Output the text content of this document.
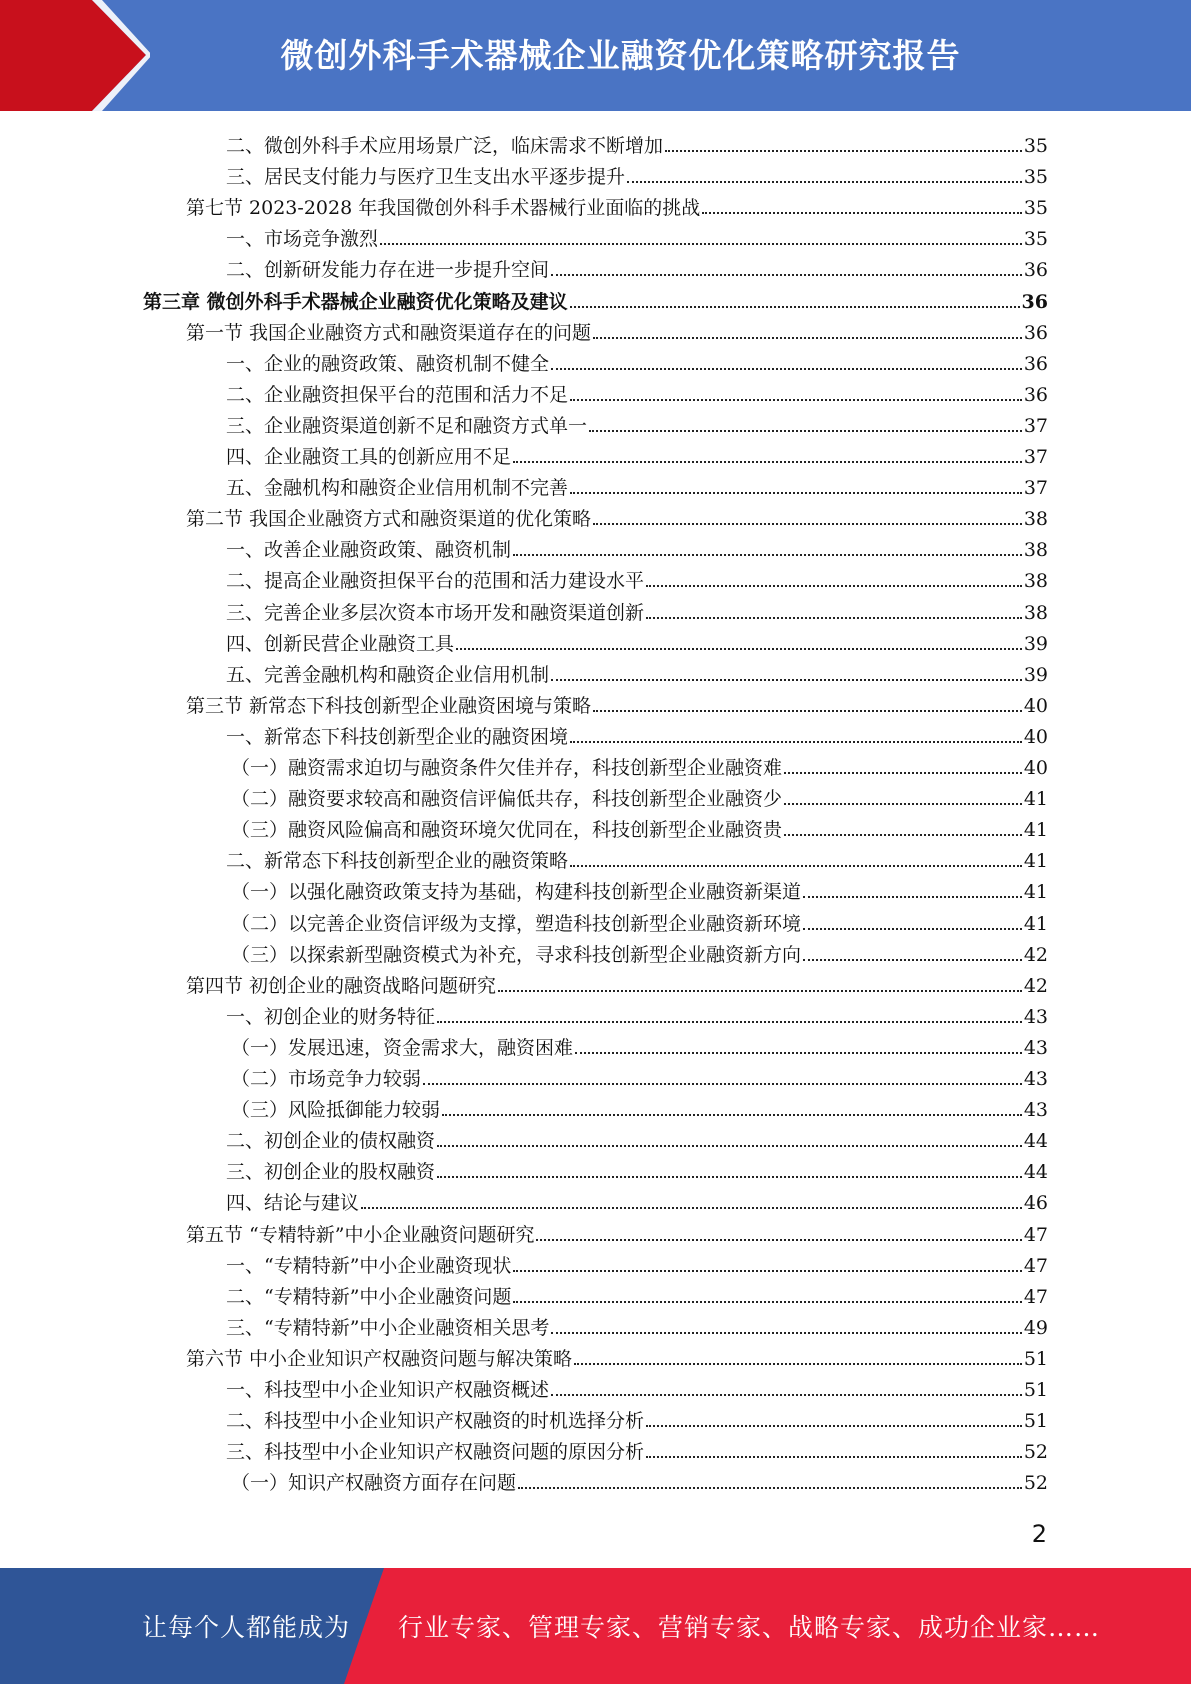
微创外科手术器械企业融资优化策略研究报告
二、微创外科手术应用场景广泛，临床需求不断增加	35
三、居民支付能力与医疗卫生支出水平逐步提升	35
第七节 2023-2028 年我国微创外科手术器械行业面临的挑战	35
一、市场竞争激烈	35
二、创新研发能力存在进一步提升空间	36
第三章 微创外科手术器械企业融资优化策略及建议	36
第一节 我国企业融资方式和融资渠道存在的问题	36
一、企业的融资政策、融资机制不健全	36
二、企业融资担保平台的范围和活力不足	36
三、企业融资渠道创新不足和融资方式单一	37
四、企业融资工具的创新应用不足	37
五、金融机构和融资企业信用机制不完善	37
第二节 我国企业融资方式和融资渠道的优化策略	38
一、改善企业融资政策、融资机制	38
二、提高企业融资担保平台的范围和活力建设水平	38
三、完善企业多层次资本市场开发和融资渠道创新	38
四、创新民营企业融资工具	39
五、完善金融机构和融资企业信用机制	39
第三节 新常态下科技创新型企业融资困境与策略	40
一、新常态下科技创新型企业的融资困境	40
（一）融资需求迫切与融资条件欠佳并存，科技创新型企业融资难	40
（二）融资要求较高和融资信评偏低共存，科技创新型企业融资少	41
（三）融资风险偏高和融资环境欠优同在，科技创新型企业融资贵	41
二、新常态下科技创新型企业的融资策略	41
（一）以强化融资政策支持为基础，构建科技创新型企业融资新渠道	41
（二）以完善企业资信评级为支撑，塑造科技创新型企业融资新环境	41
（三）以探索新型融资模式为补充，寻求科技创新型企业融资新方向	42
第四节 初创企业的融资战略问题研究	42
一、初创企业的财务特征	43
（一）发展迅速，资金需求大，融资困难	43
（二）市场竞争力较弱	43
（三）风险抵御能力较弱	43
二、初创企业的债权融资	44
三、初创企业的股权融资	44
四、结论与建议	46
第五节 “专精特新”中小企业融资问题研究	47
一、“专精特新”中小企业融资现状	47
二、“专精特新”中小企业融资问题	47
三、“专精特新”中小企业融资相关思考	49
第六节 中小企业知识产权融资问题与解决策略	51
一、科技型中小企业知识产权融资概述	51
二、科技型中小企业知识产权融资的时机选择分析	51
三、科技型中小企业知识产权融资问题的原因分析	52
（一）知识产权融资方面存在问题	52
2
让每个人都能成为 行业专家、管理专家、营销专家、战略专家、成功企业家……
